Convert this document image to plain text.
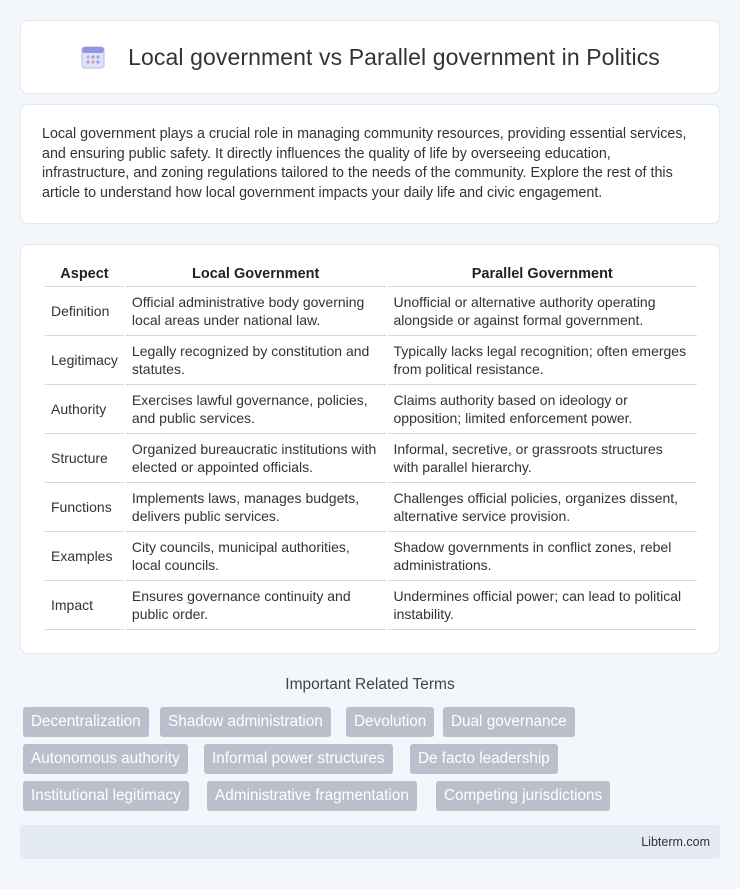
Local government vs Parallel government in Politics

Local government plays a crucial role in managing community resources, providing essential services, and ensuring public safety. It directly influences the quality of life by overseeing education, infrastructure, and zoning regulations tailored to the needs of the community. Explore the rest of this article to understand how local government impacts your daily life and civic engagement.

Aspect	Local Government	Parallel Government
Definition	Official administrative body governing local areas under national law.	Unofficial or alternative authority operating alongside or against formal government.
Legitimacy	Legally recognized by constitution and statutes.	Typically lacks legal recognition; often emerges from political resistance.
Authority	Exercises lawful governance, policies, and public services.	Claims authority based on ideology or opposition; limited enforcement power.
Structure	Organized bureaucratic institutions with elected or appointed officials.	Informal, secretive, or grassroots structures with parallel hierarchy.
Functions	Implements laws, manages budgets, delivers public services.	Challenges official policies, organizes dissent, alternative service provision.
Examples	City councils, municipal authorities, local councils.	Shadow governments in conflict zones, rebel administrations.
Impact	Ensures governance continuity and public order.	Undermines official power; can lead to political instability.
Important Related Terms
Decentralization	Shadow administration	Devolution	Dual governance
Autonomous authority	Informal power structures	De facto leadership
Institutional legitimacy	Administrative fragmentation	Competing jurisdictions
Libterm.com
